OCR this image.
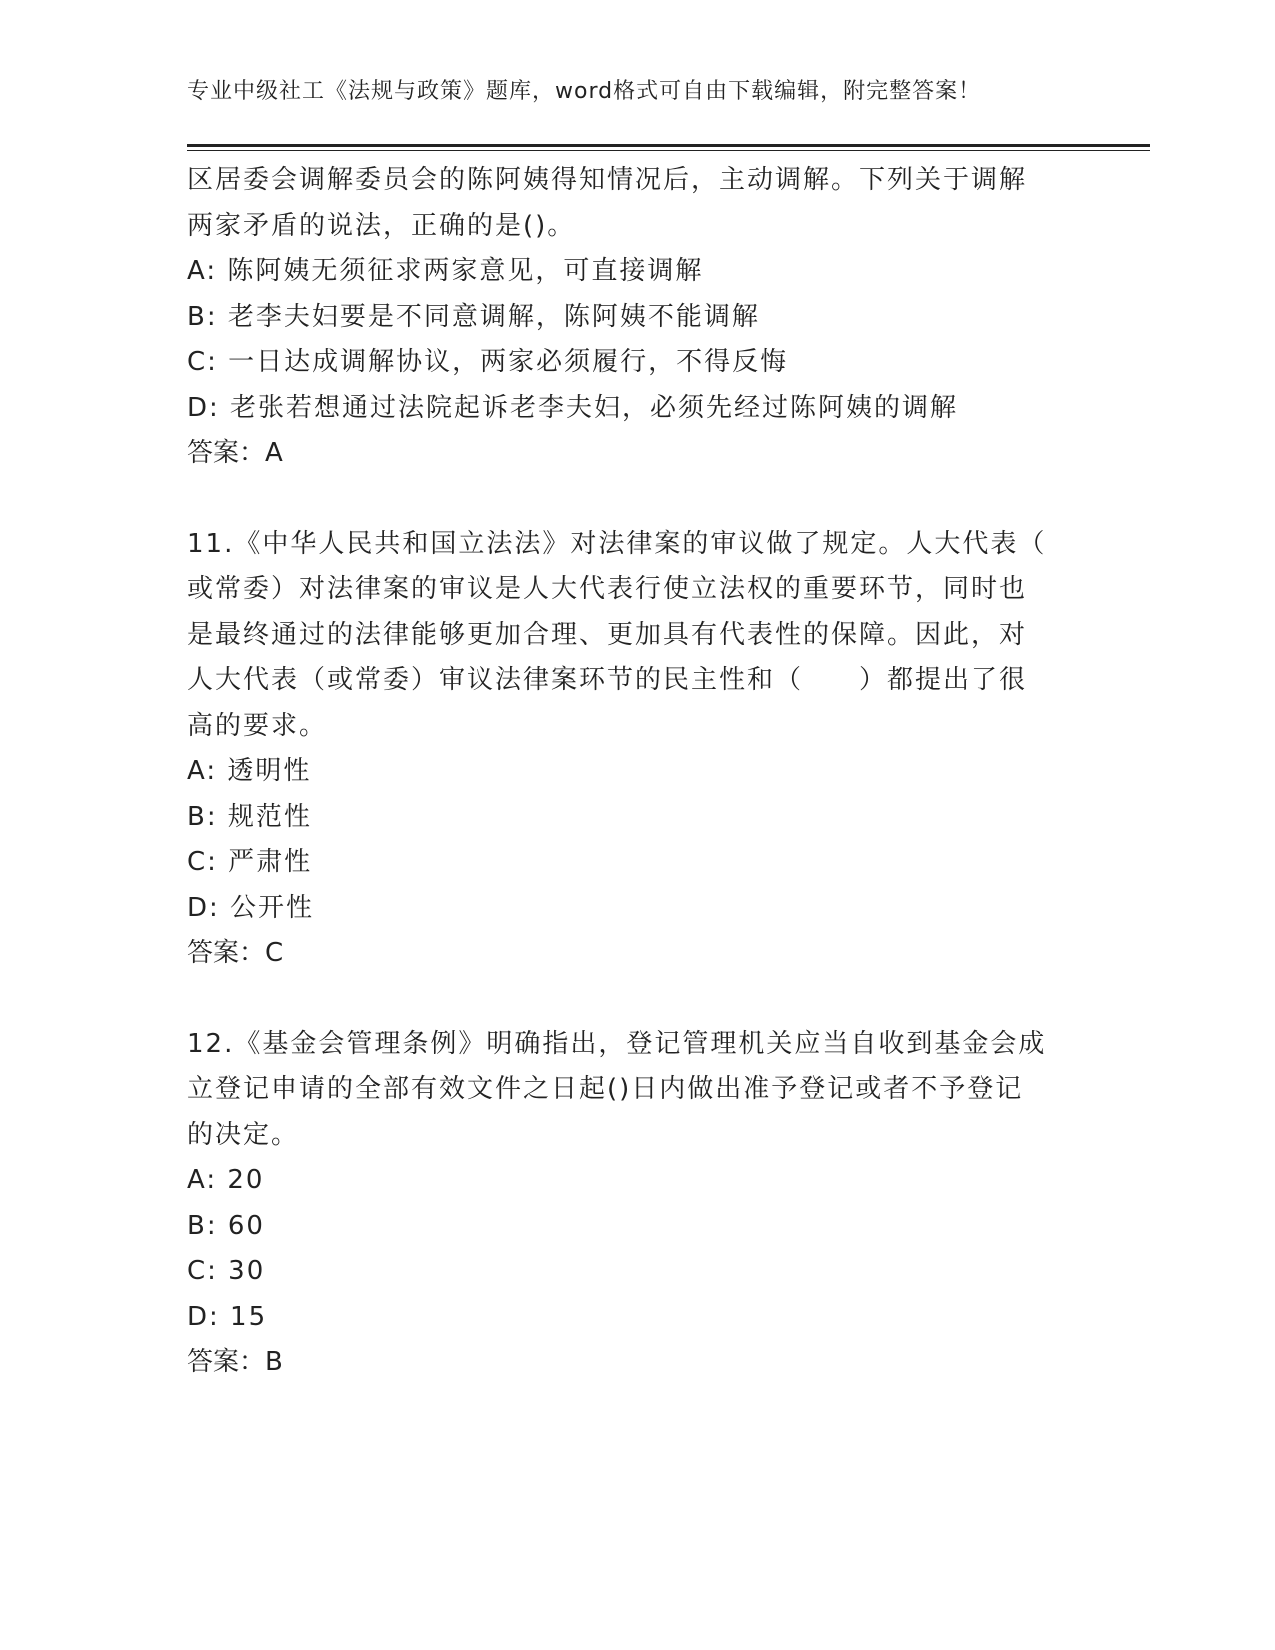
专业中级社工《法规与政策》题库，word格式可自由下载编辑，附完整答案！
区居委会调解委员会的陈阿姨得知情况后，主动调解。下列关于调解
两家矛盾的说法，正确的是()。
A: 陈阿姨无须征求两家意见，可直接调解
B: 老李夫妇要是不同意调解，陈阿姨不能调解
C: 一日达成调解协议，两家必须履行，不得反悔
D: 老张若想通过法院起诉老李夫妇，必须先经过陈阿姨的调解
答案：A
11.《中华人民共和国立法法》对法律案的审议做了规定。人大代表（
或常委）对法律案的审议是人大代表行使立法权的重要环节，同时也
是最终通过的法律能够更加合理、更加具有代表性的保障。因此，对
人大代表（或常委）审议法律案环节的民主性和（　　）都提出了很
高的要求。
A: 透明性
B: 规范性
C: 严肃性
D: 公开性
答案：C
12.《基金会管理条例》明确指出，登记管理机关应当自收到基金会成
立登记申请的全部有效文件之日起()日内做出准予登记或者不予登记
的决定。
A: 20
B: 60
C: 30
D: 15
答案：B
